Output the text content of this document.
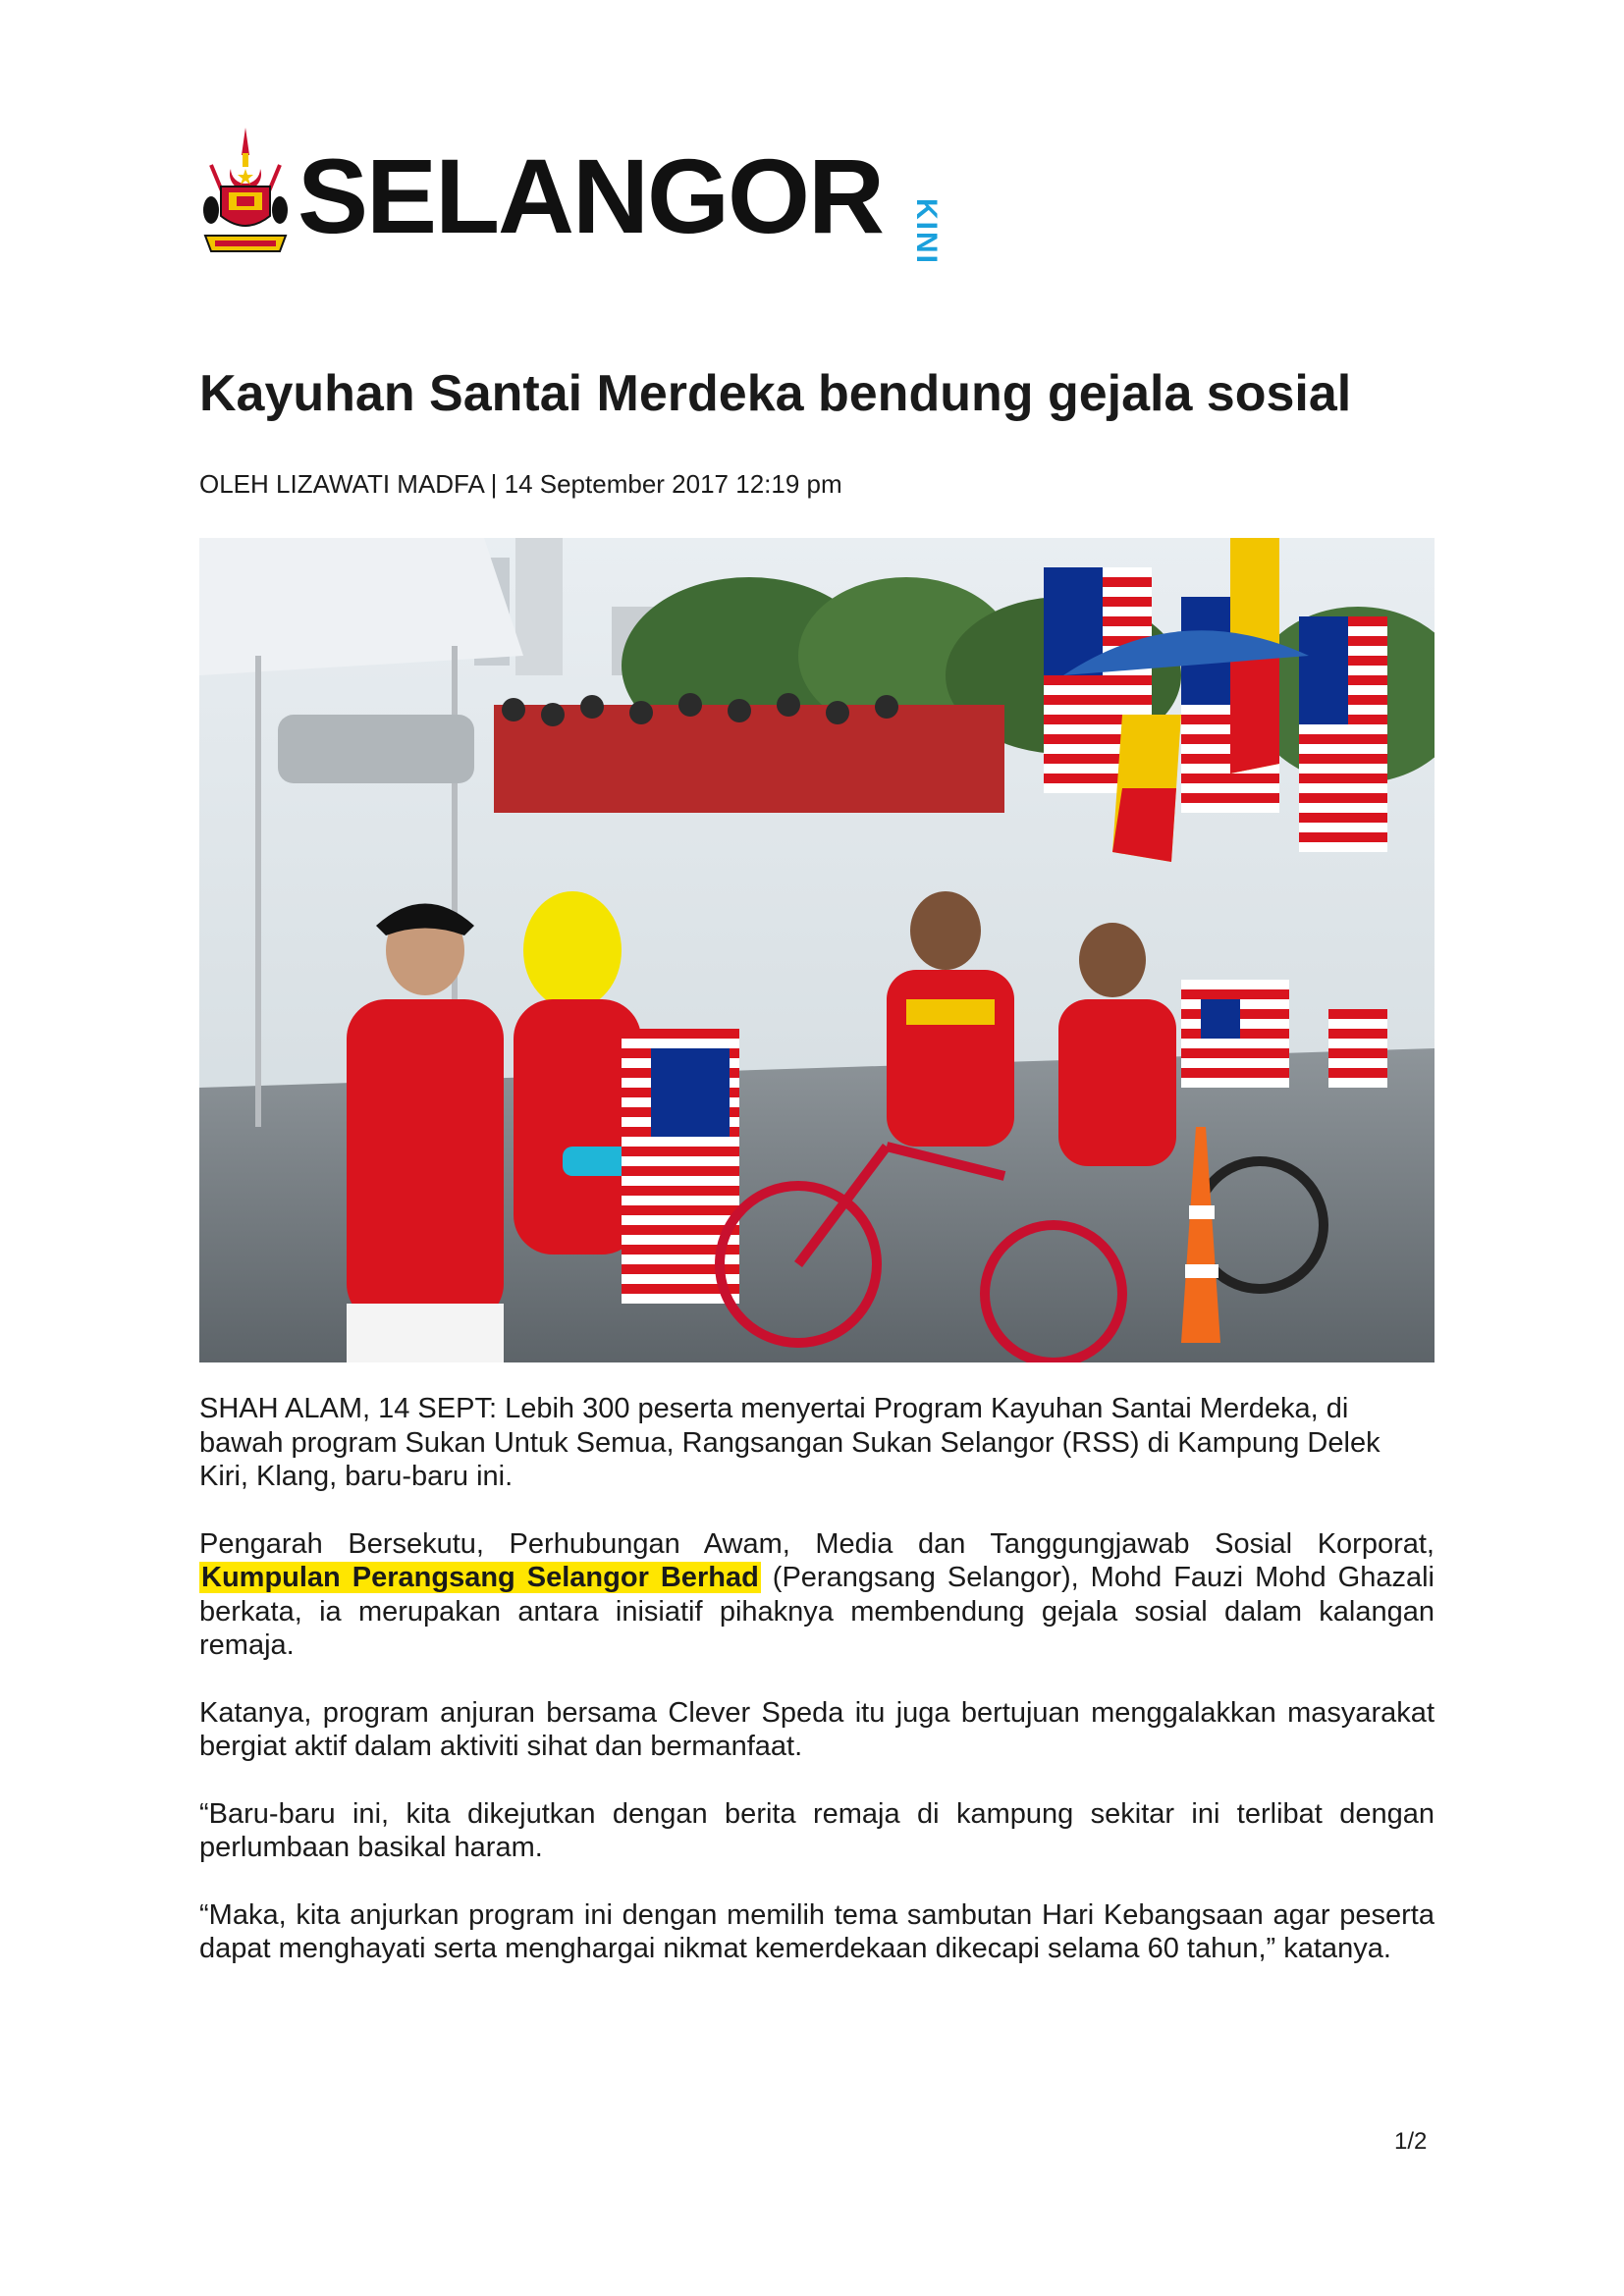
SELANGOR KINI
Kayuhan Santai Merdeka bendung gejala sosial

OLEH LIZAWATI MADFA | 14 September 2017 12:19 pm

SHAH ALAM, 14 SEPT: Lebih 300 peserta menyertai Program Kayuhan Santai Merdeka, di bawah program Sukan Untuk Semua, Rangsangan Sukan Selangor (RSS) di Kampung Delek Kiri, Klang, baru-baru ini.

Pengarah Bersekutu, Perhubungan Awam, Media dan Tanggungjawab Sosial Korporat, Kumpulan Perangsang Selangor Berhad (Perangsang Selangor), Mohd Fauzi Mohd Ghazali berkata, ia merupakan antara inisiatif pihaknya membendung gejala sosial dalam kalangan remaja.

Katanya, program anjuran bersama Clever Speda itu juga bertujuan menggalakkan masyarakat bergiat aktif dalam aktiviti sihat dan bermanfaat.

“Baru-baru ini, kita dikejutkan dengan berita remaja di kampung sekitar ini terlibat dengan perlumbaan basikal haram.

“Maka, kita anjurkan program ini dengan memilih tema sambutan Hari Kebangsaan agar peserta dapat menghayati serta menghargai nikmat kemerdekaan dikecapi selama 60 tahun,” katanya.

1/2
